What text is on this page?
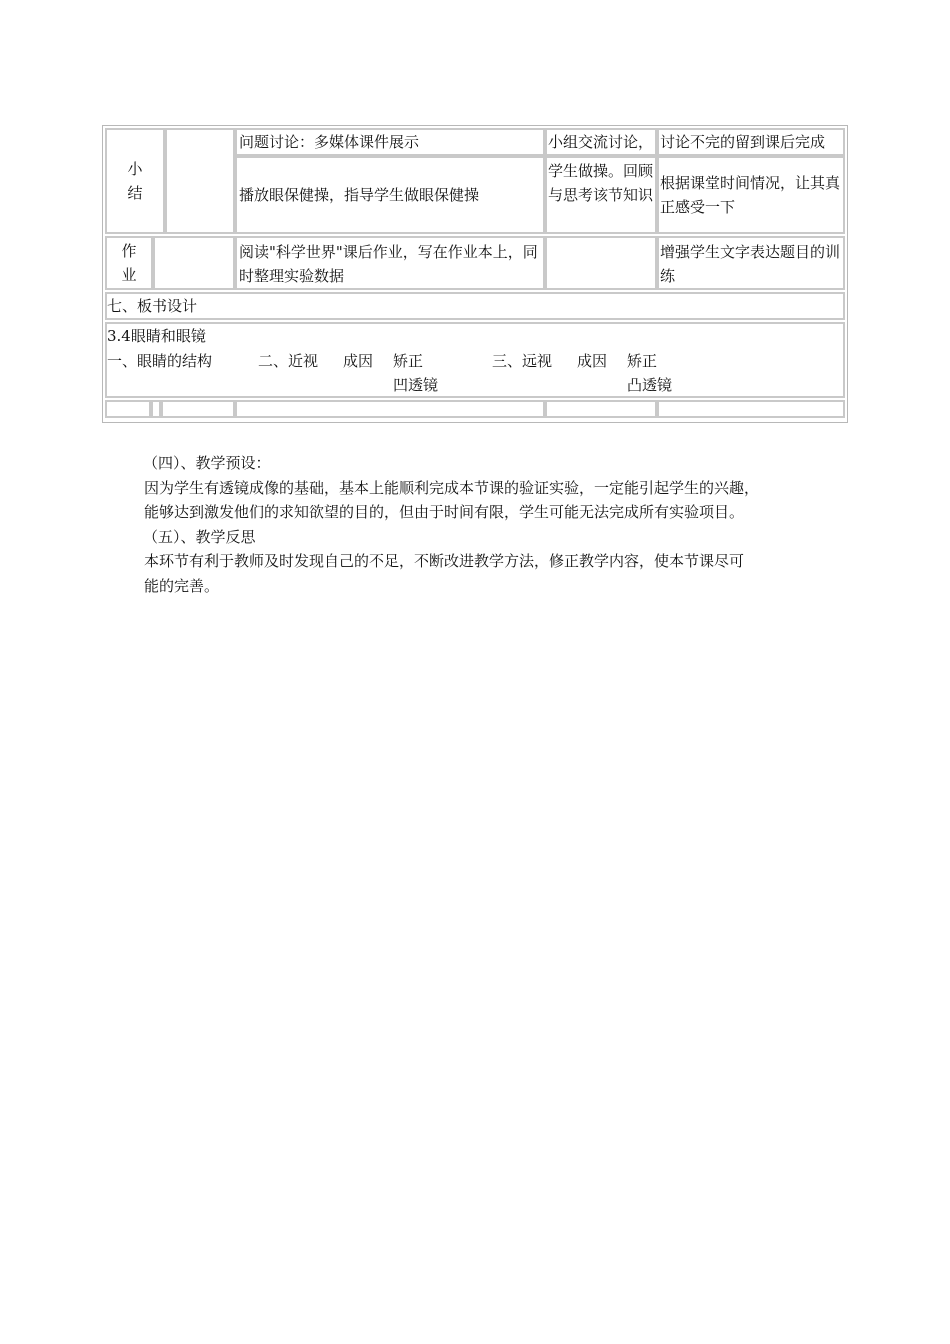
小
结
问题讨论：多媒体课件展示	小组交流讨论， 讨论不完的留到课后完成
播放眼保健操，指导学生做眼保健操
学生做操。回顾与思考该节知识
根据课堂时间情况，让其真正感受一下
作
业
阅读"科学世界"课后作业，写在作业本上，同时整理实验数据
增强学生文字表达题目的训练
七、板书设计
3.4眼睛和眼镜
一、眼睛的结构	二、近视 成因 矫正
凹透镜
三、远视 成因 矫正
凸透镜

（四）、教学预设：

因为学生有透镜成像的基础，基本上能顺利完成本节课的验证实验，一定能引起学生的兴趣，

能够达到激发他们的求知欲望的目的，但由于时间有限，学生可能无法完成所有实验项目。

（五）、教学反思

本环节有利于教师及时发现自己的不足，不断改进教学方法，修正教学内容，使本节课尽可

能的完善。
